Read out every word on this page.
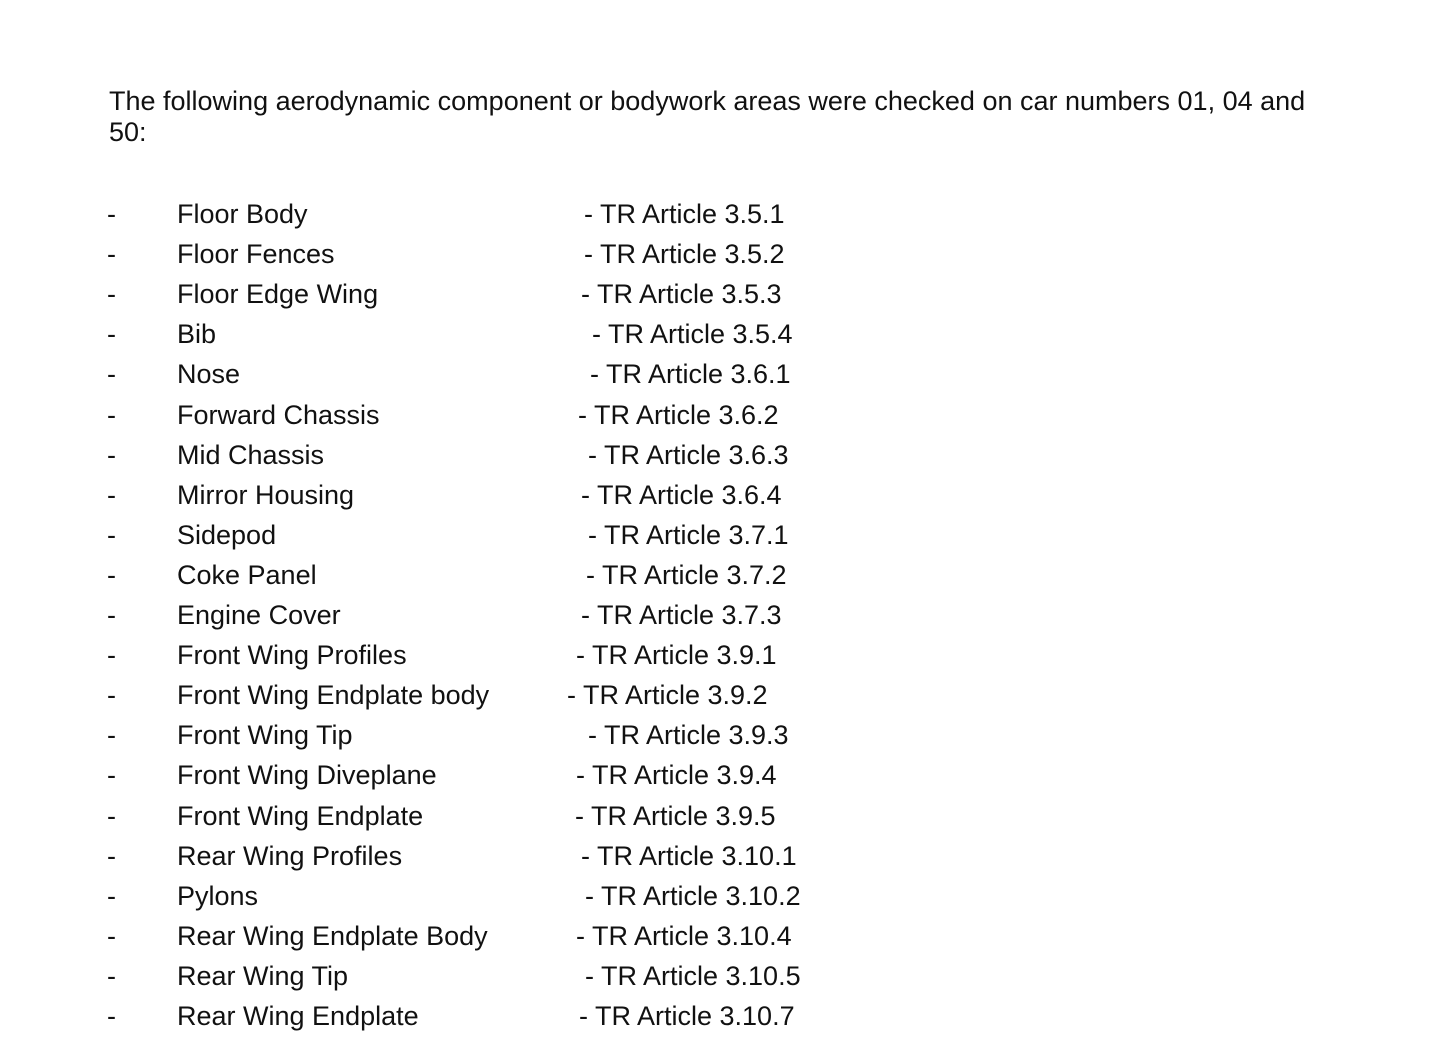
The following aerodynamic component or bodywork areas were checked on car numbers 01, 04 and 50:

- Floor Body	- TR Article 3.5.1
- Floor Fences	- TR Article 3.5.2
- Floor Edge Wing	- TR Article 3.5.3
- Bib	- TR Article 3.5.4
- Nose	- TR Article 3.6.1
- Forward Chassis	- TR Article 3.6.2
- Mid Chassis	- TR Article 3.6.3
- Mirror Housing	- TR Article 3.6.4
- Sidepod	- TR Article 3.7.1
- Coke Panel	- TR Article 3.7.2
- Engine Cover	- TR Article 3.7.3
- Front Wing Profiles	- TR Article 3.9.1
- Front Wing Endplate body	- TR Article 3.9.2
- Front Wing Tip	- TR Article 3.9.3
- Front Wing Diveplane	- TR Article 3.9.4
- Front Wing Endplate	- TR Article 3.9.5
- Rear Wing Profiles	- TR Article 3.10.1
- Pylons	- TR Article 3.10.2
- Rear Wing Endplate Body	- TR Article 3.10.4
- Rear Wing Tip	- TR Article 3.10.5
- Rear Wing Endplate	- TR Article 3.10.7
